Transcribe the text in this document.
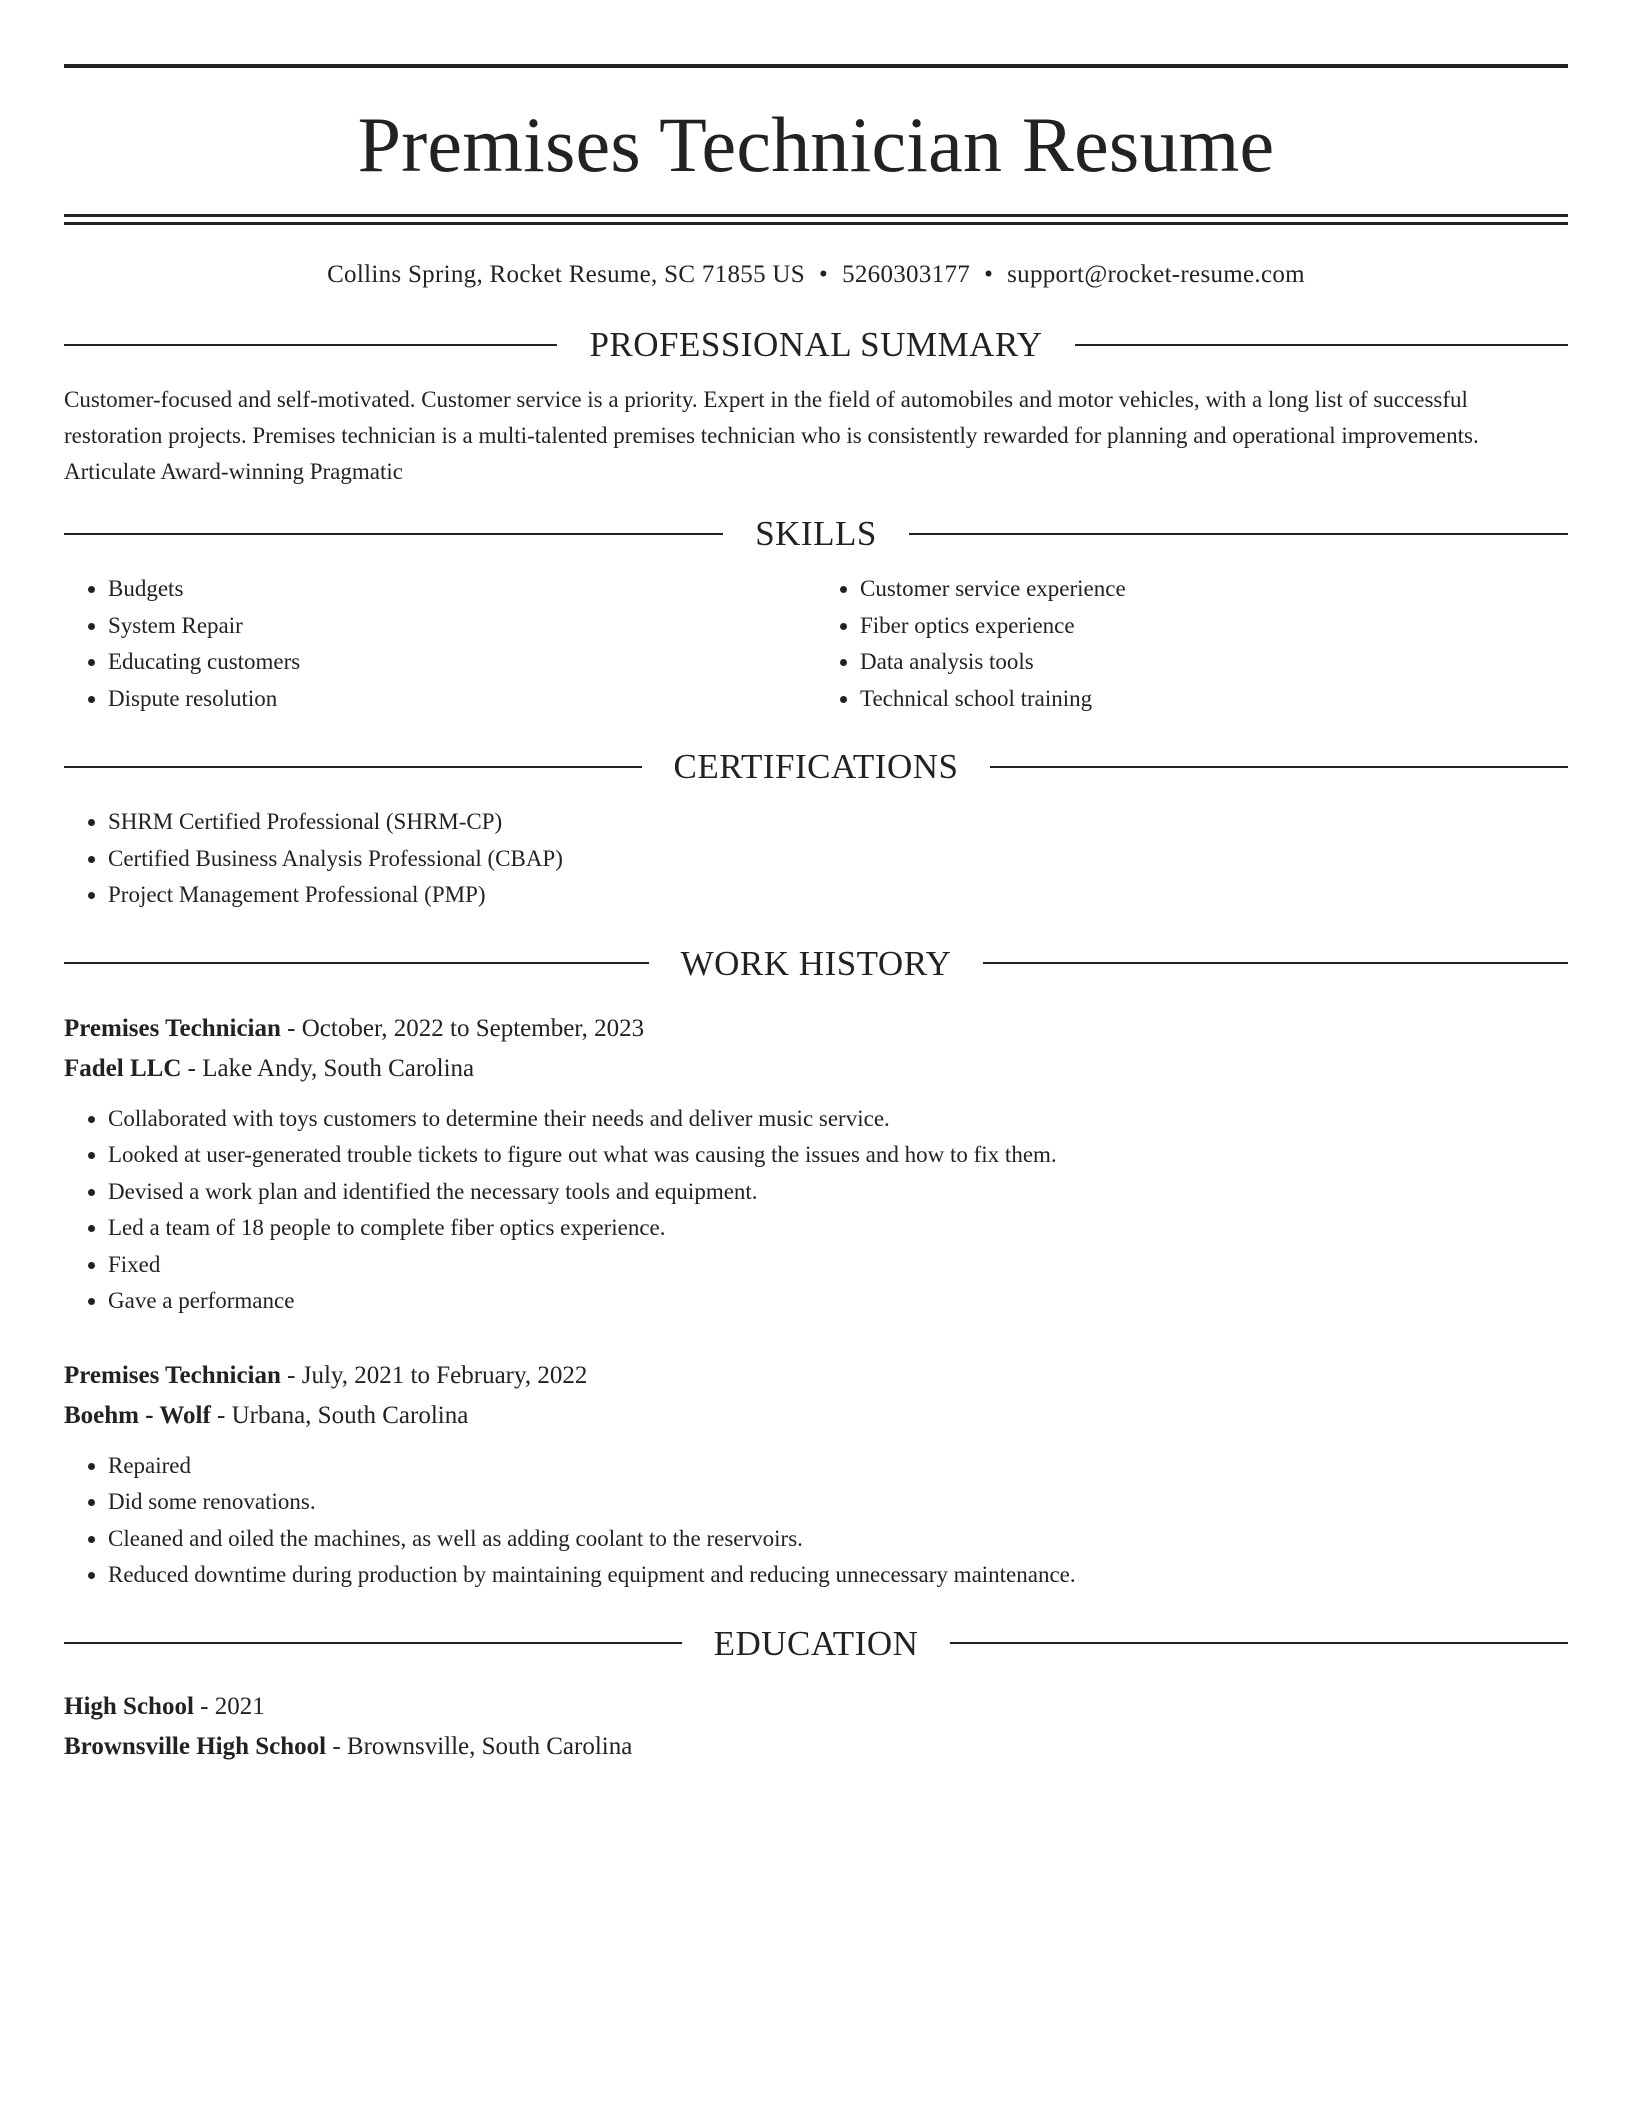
Premises Technician Resume
Collins Spring, Rocket Resume, SC 71855 US • 5260303177 • support@rocket-resume.com
PROFESSIONAL SUMMARY
Customer-focused and self-motivated. Customer service is a priority. Expert in the field of automobiles and motor vehicles, with a long list of successful restoration projects. Premises technician is a multi-talented premises technician who is consistently rewarded for planning and operational improvements. Articulate Award-winning Pragmatic
SKILLS
• Budgets
• System Repair
• Educating customers
• Dispute resolution
• Customer service experience
• Fiber optics experience
• Data analysis tools
• Technical school training
CERTIFICATIONS
• SHRM Certified Professional (SHRM-CP)
• Certified Business Analysis Professional (CBAP)
• Project Management Professional (PMP)
WORK HISTORY
Premises Technician - October, 2022 to September, 2023
Fadel LLC - Lake Andy, South Carolina
• Collaborated with toys customers to determine their needs and deliver music service.
• Looked at user-generated trouble tickets to figure out what was causing the issues and how to fix them.
• Devised a work plan and identified the necessary tools and equipment.
• Led a team of 18 people to complete fiber optics experience.
• Fixed
• Gave a performance
Premises Technician - July, 2021 to February, 2022
Boehm - Wolf - Urbana, South Carolina
• Repaired
• Did some renovations.
• Cleaned and oiled the machines, as well as adding coolant to the reservoirs.
• Reduced downtime during production by maintaining equipment and reducing unnecessary maintenance.
EDUCATION
High School - 2021
Brownsville High School - Brownsville, South Carolina
